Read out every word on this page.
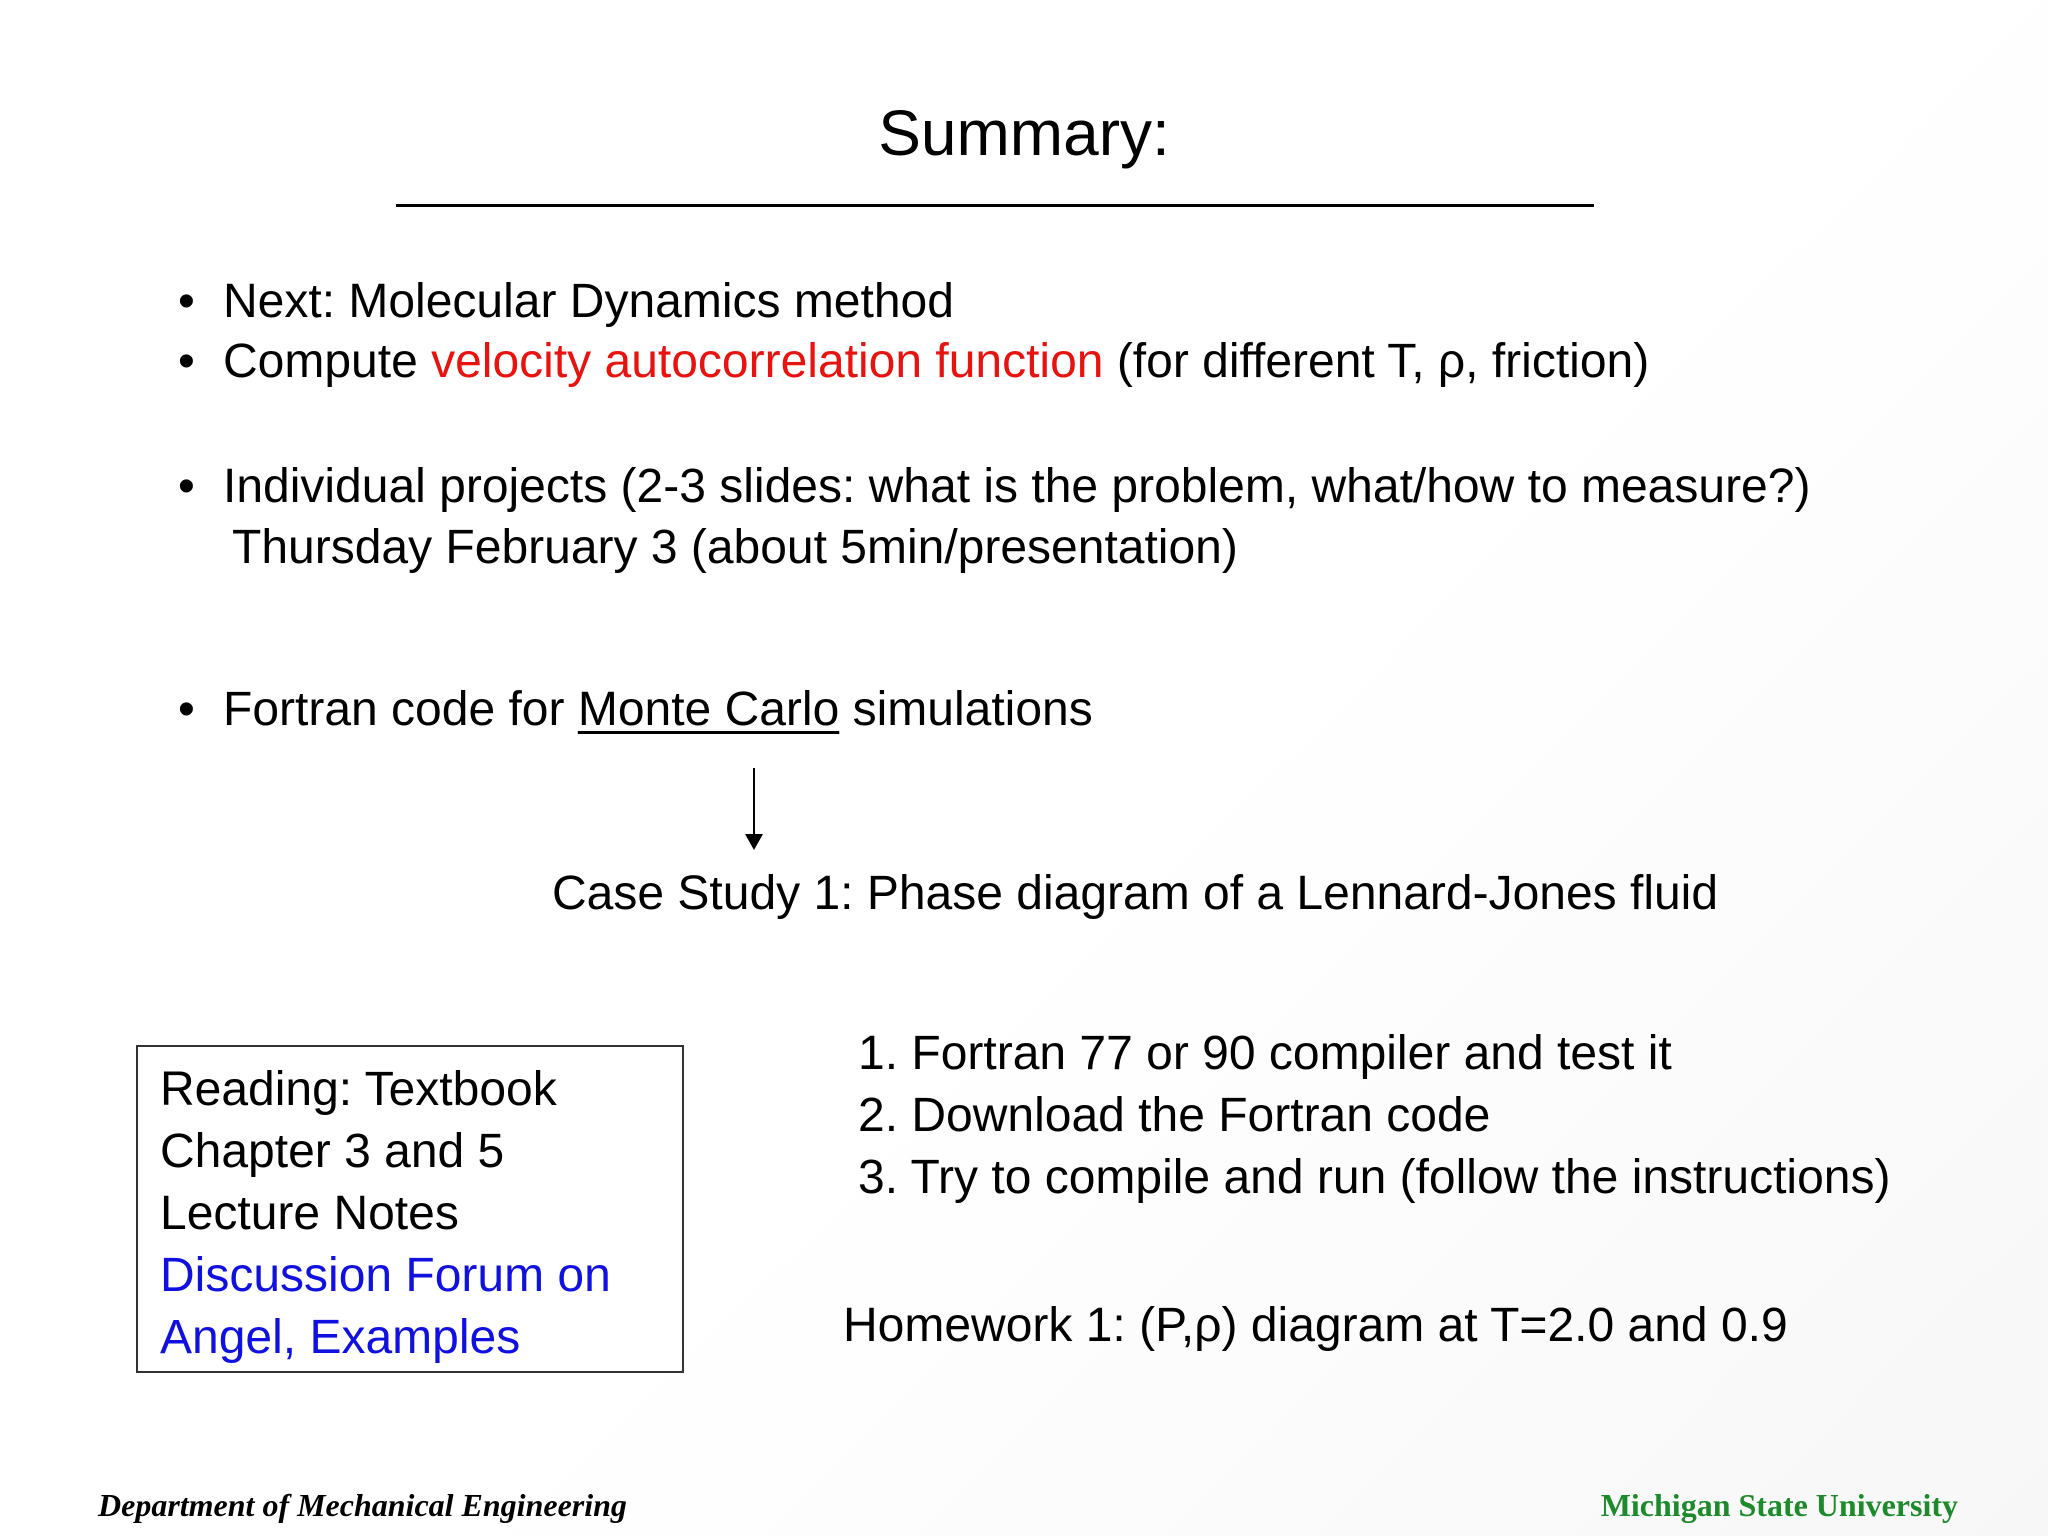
Summary:
• Next: Molecular Dynamics method
• Compute velocity autocorrelation function (for different T, ρ, friction)
• Individual projects (2-3 slides: what is the problem, what/how to measure?)
Thursday February 3 (about 5min/presentation)
• Fortran code for Monte Carlo simulations
Case Study 1: Phase diagram of a Lennard-Jones fluid
1. Fortran 77 or 90 compiler and test it
2. Download the Fortran code
3. Try to compile and run (follow the instructions)
Homework 1: (P,ρ) diagram at T=2.0 and 0.9
Reading: Textbook
Chapter 3 and 5
Lecture Notes
Discussion Forum on
Angel, Examples
Department of Mechanical Engineering	Michigan State University
